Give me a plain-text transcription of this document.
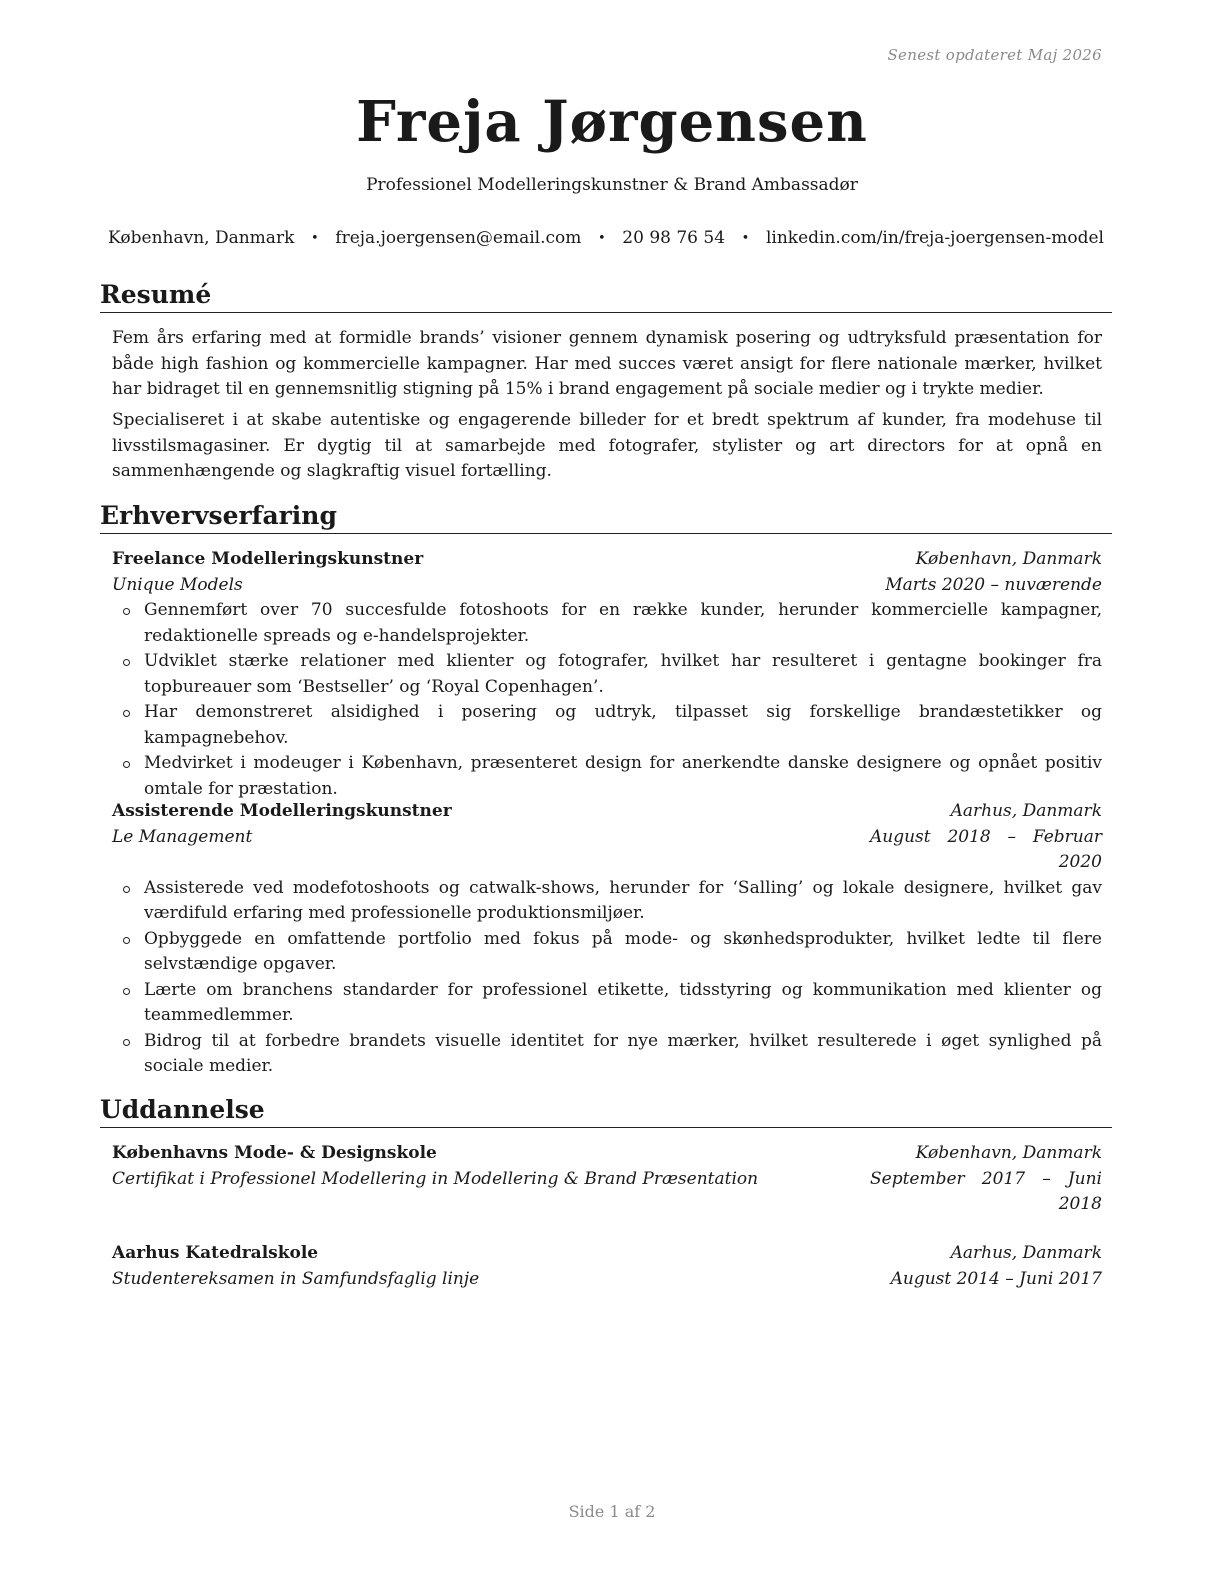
Senest opdateret Maj 2026
Freja Jørgensen
Professionel Modelleringskunstner & Brand Ambassadør
København, Danmark • freja.joergensen@email.com • 20 98 76 54 • linkedin.com/in/freja-joergensen-model
Resumé
Fem års erfaring med at formidle brands’ visioner gennem dynamisk posering og udtryksfuld præsentation for både high fashion og kommercielle kampagner. Har med succes været ansigt for flere nationale mærker, hvilket har bidraget til en gennemsnitlig stigning på 15% i brand engagement på sociale medier og i trykte medier.
Specialiseret i at skabe autentiske og engagerende billeder for et bredt spektrum af kunder, fra modehuse til livsstilsmagasiner. Er dygtig til at samarbejde med fotografer, stylister og art directors for at opnå en sammenhængende og slagkraftig visuel fortælling.
Erhvervserfaring
Freelance Modelleringskunstner	København, Danmark
Unique Models	Marts 2020 – nuværende
Gennemført over 70 succesfulde fotoshoots for en række kunder, herunder kommercielle kampagner, redaktionelle spreads og e-handelsprojekter.
Udviklet stærke relationer med klienter og fotografer, hvilket har resulteret i gentagne bookinger fra topbureauer som ‘Bestseller’ og ‘Royal Copenhagen’.
Har demonstreret alsidighed i posering og udtryk, tilpasset sig forskellige brandæstetikker og kampagnebehov.
Medvirket i modeuger i København, præsenteret design for anerkendte danske designere og opnået positiv omtale for præstation.
Assisterende Modelleringskunstner	Aarhus, Danmark
Le Management	August 2018 – Februar 2020
Assisterede ved modefotoshoots og catwalk-shows, herunder for ‘Salling’ og lokale designere, hvilket gav værdifuld erfaring med professionelle produktionsmiljøer.
Opbyggede en omfattende portfolio med fokus på mode- og skønhedsprodukter, hvilket ledte til flere selvstændige opgaver.
Lærte om branchens standarder for professionel etikette, tidsstyring og kommunikation med klienter og teammedlemmer.
Bidrog til at forbedre brandets visuelle identitet for nye mærker, hvilket resulterede i øget synlighed på sociale medier.
Uddannelse
Københavns Mode- & Designskole	København, Danmark
Certifikat i Professionel Modellering in Modellering & Brand Præsentation	September 2017 – Juni 2018
Aarhus Katedralskole	Aarhus, Danmark
Studentereksamen in Samfundsfaglig linje	August 2014 – Juni 2017
Side 1 af 2
